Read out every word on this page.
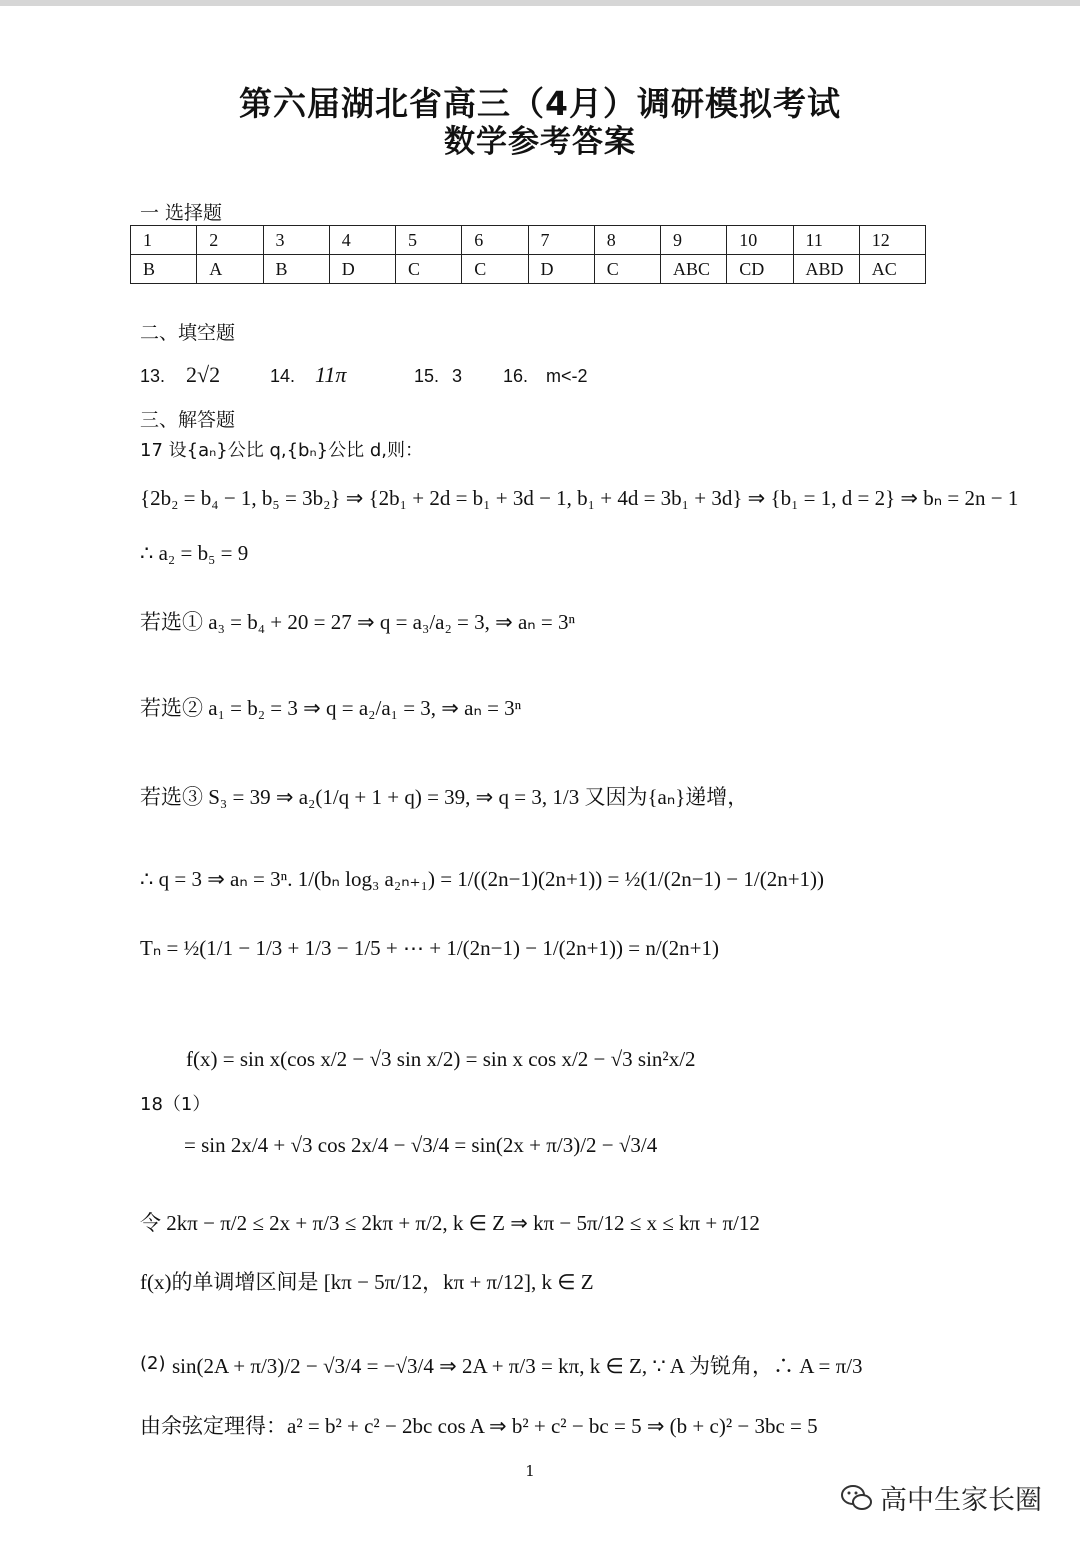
第六届湖北省高三（4月）调研模拟考试
数学参考答案
一 选择题
1	2	3	4	5	6	7	8	9	10	11	12
B	A	B	D	C	C	D	C	ABC	CD	ABD	AC
二、填空题
13. 2√2	14. 11π	15. 3 16. m<-2
三、解答题
17 设{aₙ}公比 q,{bₙ}公比 d,则：
{2b₂ = b₄ − 1, b₅ = 3b₂} ⇒ {2b₁ + 2d = b₁ + 3d − 1, b₁ + 4d = 3b₁ + 3d} ⇒ {b₁ = 1, d = 2} ⇒ bₙ = 2n − 1
∴ a₂ = b₅ = 9
若选① a₃ = b₄ + 20 = 27 ⇒ q = a₃/a₂ = 3, ⇒ aₙ = 3ⁿ
若选② a₁ = b₂ = 3 ⇒ q = a₂/a₁ = 3, ⇒ aₙ = 3ⁿ
若选③ S₃ = 39 ⇒ a₂(1/q + 1 + q) = 39, ⇒ q = 3, 1/3 又因为{aₙ}递增，
∴ q = 3 ⇒ aₙ = 3ⁿ. 1/(bₙ log₃ a₂ₙ₊₁) = 1/((2n−1)(2n+1)) = ½(1/(2n−1) − 1/(2n+1))
Tₙ = ½(1/1 − 1/3 + 1/3 − 1/5 + ⋯ + 1/(2n−1) − 1/(2n+1)) = n/(2n+1)
f(x) = sin x(cos x/2 − √3 sin x/2) = sin x cos x/2 − √3 sin²x/2
18（1）
= sin 2x/4 + √3 cos 2x/4 − √3/4 = sin(2x + π/3)/2 − √3/4
令 2kπ − π/2 ≤ 2x + π/3 ≤ 2kπ + π/2, k ∈ Z ⇒ kπ − 5π/12 ≤ x ≤ kπ + π/12
f(x)的单调增区间是 [kπ − 5π/12，kπ + π/12], k ∈ Z
(2) sin(2A + π/3)/2 − √3/4 = −√3/4 ⇒ 2A + π/3 = kπ, k ∈ Z, ∵ A 为锐角，∴ A = π/3
由余弦定理得：a² = b² + c² − 2bc cos A ⇒ b² + c² − bc = 5 ⇒ (b + c)² − 3bc = 5
1
高中生家长圈
